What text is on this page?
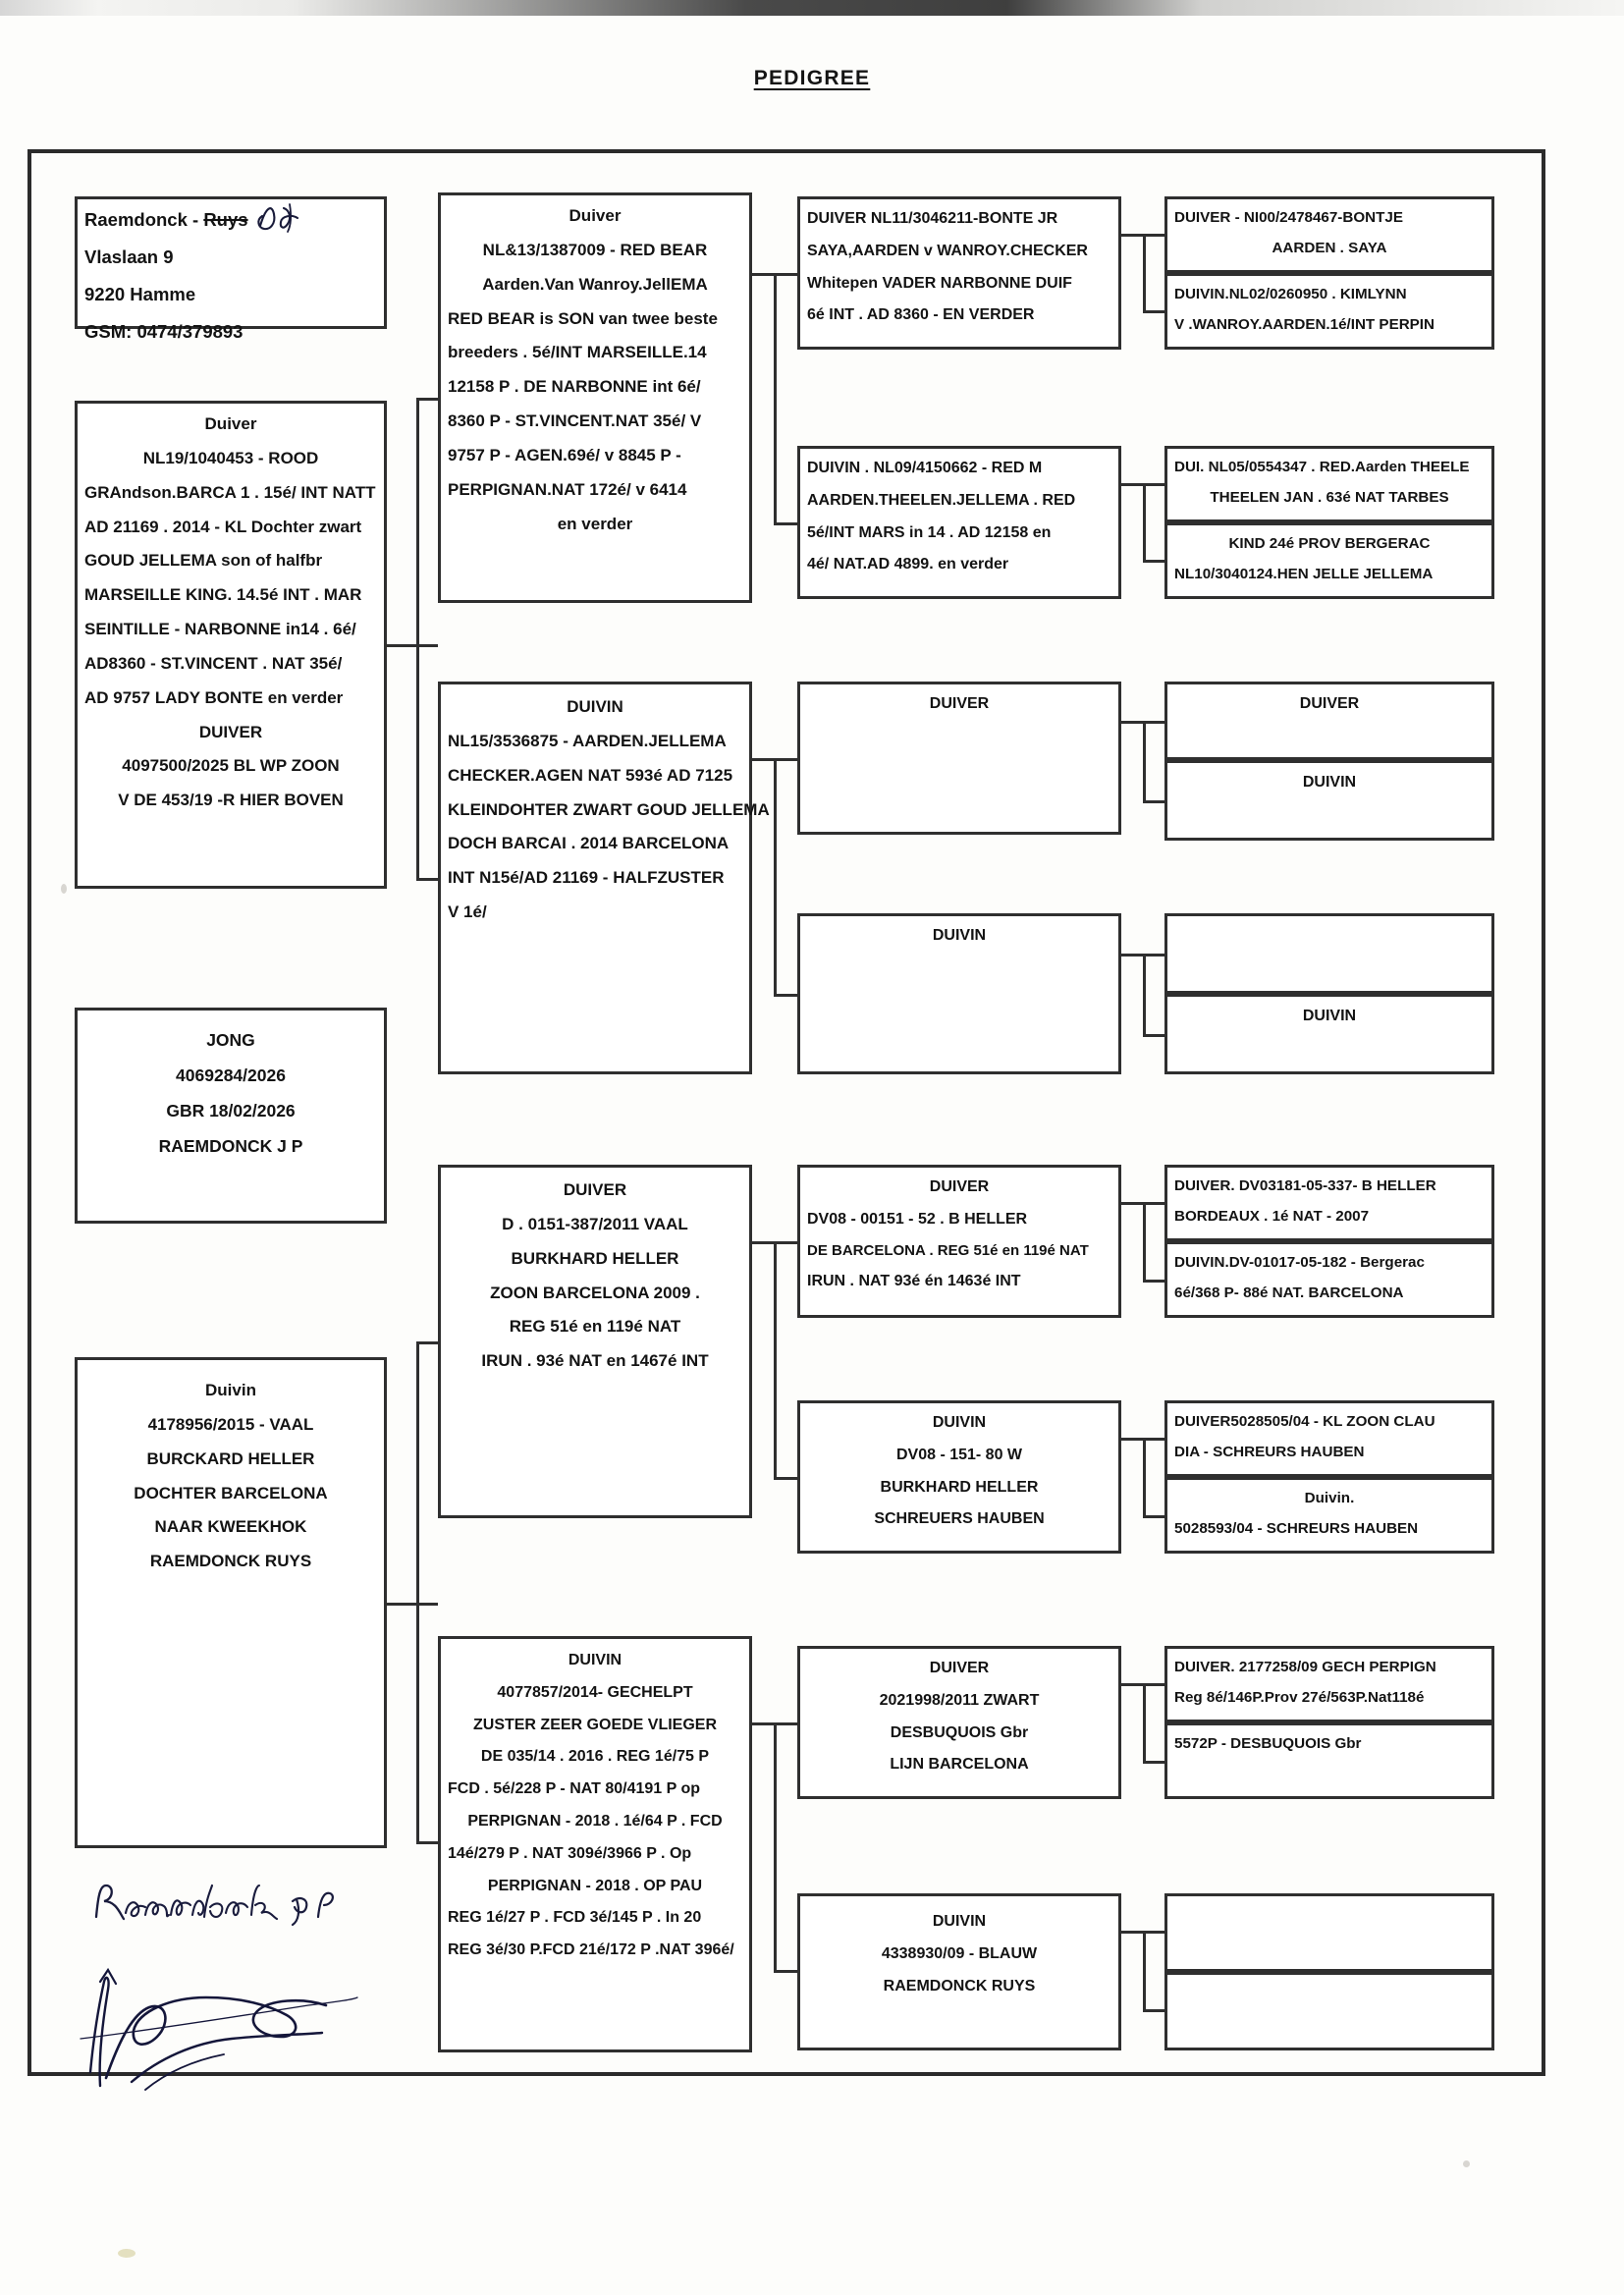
PEDIGREE
Raemdonck - Ruys
Vlaslaan 9
9220 Hamme
GSM: 0474/379893
Duiver
NL19/1040453 - ROOD
GRAndson.BARCA 1 . 15é/ INT NATT
AD 21169 . 2014 - KL Dochter zwart
GOUD JELLEMA son of halfbr
MARSEILLE KING. 14.5é INT . MAR
SEINTILLE - NARBONNE in14 . 6é/
AD8360 - ST.VINCENT . NAT 35é/
AD 9757 LADY BONTE en verder
DUIVER
4097500/2025 BL WP ZOON
V DE 453/19 -R HIER BOVEN
JONG
4069284/2026
GBR 18/02/2026
RAEMDONCK J P
Duivin
4178956/2015 - VAAL
BURCKARD HELLER
DOCHTER BARCELONA
NAAR KWEEKHOK
RAEMDONCK RUYS
Duiver
NL&13/1387009 - RED BEAR
Aarden.Van Wanroy.JellEMA
RED BEAR is SON van twee beste
breeders . 5é/INT MARSEILLE.14
12158 P . DE NARBONNE int 6é/
8360 P - ST.VINCENT.NAT 35é/ V
9757 P - AGEN.69é/ v 8845 P -
PERPIGNAN.NAT 172é/ v 6414
en verder
DUIVIN
NL15/3536875 - AARDEN.JELLEMA
CHECKER.AGEN NAT 593é AD 7125
KLEINDOHTER ZWART GOUD JELLEMA
DOCH BARCAI . 2014 BARCELONA
INT N15é/AD 21169 - HALFZUSTER
V 1é/
DUIVER
D . 0151-387/2011 VAAL
BURKHARD HELLER
ZOON BARCELONA 2009 .
REG 51é en 119é NAT
IRUN . 93é NAT en 1467é INT
DUIVIN
4077857/2014- GECHELPT
ZUSTER ZEER GOEDE VLIEGER
DE 035/14 . 2016 . REG 1é/75 P
FCD . 5é/228 P - NAT 80/4191 P op
PERPIGNAN - 2018 . 1é/64 P . FCD
14é/279 P . NAT 309é/3966 P . Op
PERPIGNAN - 2018 . OP PAU
REG 1é/27 P . FCD 3é/145 P . In 20
REG 3é/30 P.FCD 21é/172 P .NAT 396é/
DUIVER NL11/3046211-BONTE JR
SAYA,AARDEN v WANROY.CHECKER
Whitepen VADER NARBONNE DUIF
6é INT . AD 8360 - EN VERDER
DUIVIN . NL09/4150662 - RED M
AARDEN.THEELEN.JELLEMA . RED
5é/INT MARS in 14 . AD 12158 en
4é/ NAT.AD 4899. en verder
DUIVER
DUIVIN
DUIVER
DV08 - 00151 - 52 . B HELLER
DE BARCELONA . REG 51é en 119é NAT
IRUN . NAT 93é én 1463é INT
DUIVIN
DV08 - 151- 80 W
BURKHARD HELLER
SCHREUERS HAUBEN
DUIVER
2021998/2011 ZWART
DESBUQUOIS Gbr
LIJN BARCELONA
DUIVIN
4338930/09 - BLAUW
RAEMDONCK RUYS
DUIVER - NI00/2478467-BONTJE
AARDEN . SAYA
DUIVIN.NL02/0260950 . KIMLYNN
V .WANROY.AARDEN.1é/INT PERPIN
DUI. NL05/0554347 . RED.Aarden THEELE
THEELEN JAN . 63é NAT TARBES
KIND 24é PROV BERGERAC
NL10/3040124.HEN JELLE JELLEMA
DUIVER
DUIVIN
DUIVIN
DUIVER. DV03181-05-337- B HELLER
BORDEAUX . 1é NAT - 2007
DUIVIN.DV-01017-05-182 - Bergerac
6é/368 P- 88é NAT. BARCELONA
DUIVER5028505/04 - KL ZOON CLAU
DIA - SCHREURS HAUBEN
Duivin.
5028593/04 - SCHREURS HAUBEN
DUIVER. 2177258/09 GECH PERPIGN
Reg 8é/146P.Prov 27é/563P.Nat118é
5572P - DESBUQUOIS Gbr
